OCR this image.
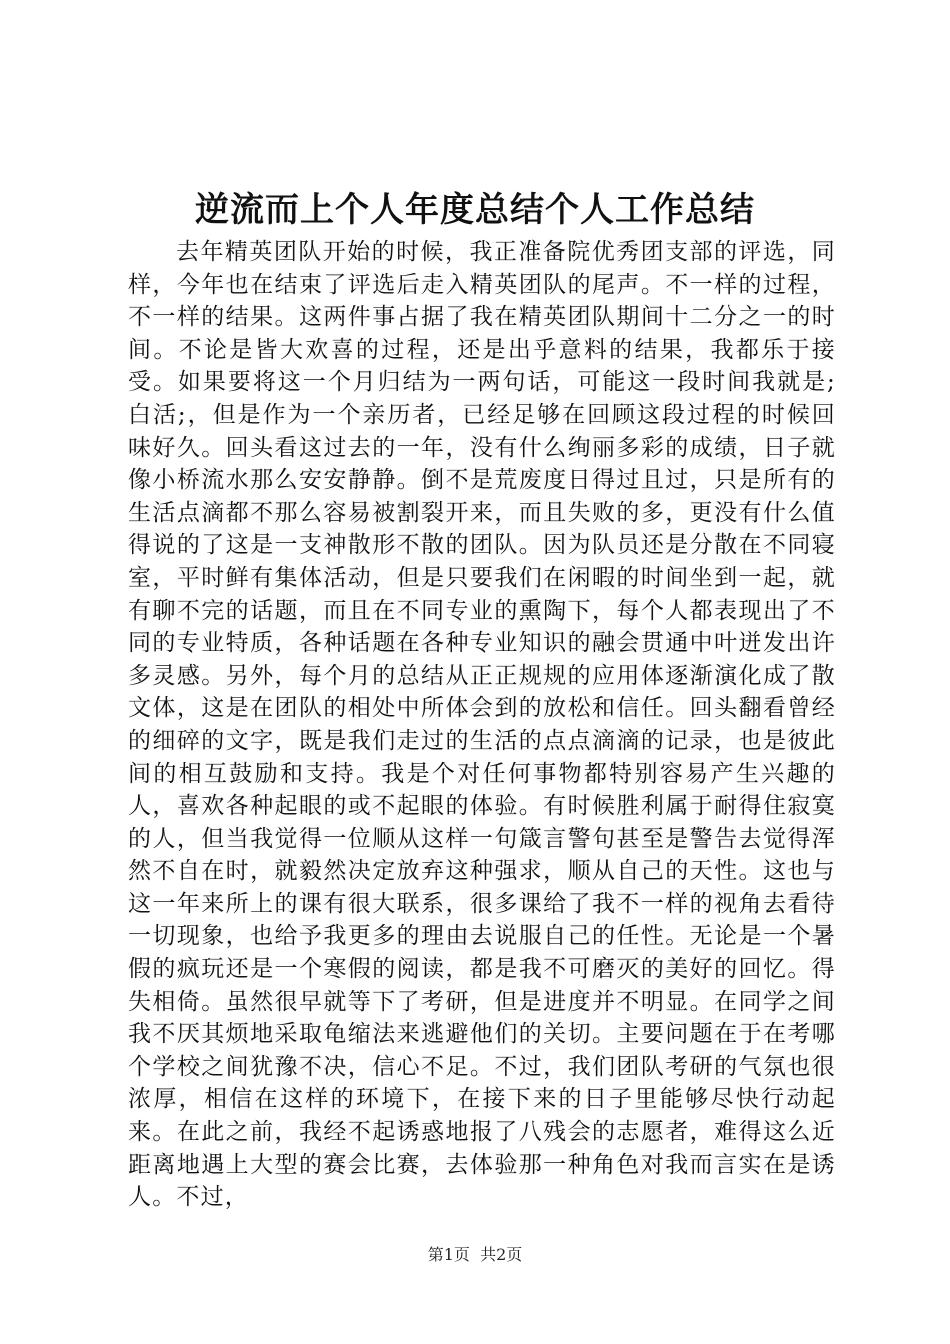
逆流而上个人年度总结个人工作总结

去年精英团队开始的时候，我正准备院优秀团支部的评选，同样，今年也在结束了评选后走入精英团队的尾声。不一样的过程，不一样的结果。这两件事占据了我在精英团队期间十二分之一的时间。不论是皆大欢喜的过程，还是出乎意料的结果，我都乐于接受。如果要将这一个月归结为一两句话，可能这一段时间我就是;白活;，但是作为一个亲历者，已经足够在回顾这段过程的时候回味好久。回头看这过去的一年，没有什么绚丽多彩的成绩，日子就像小桥流水那么安安静静。倒不是荒废度日得过且过，只是所有的生活点滴都不那么容易被割裂开来，而且失败的多，更没有什么值得说的了这是一支神散形不散的团队。因为队员还是分散在不同寝室，平时鲜有集体活动，但是只要我们在闲暇的时间坐到一起，就有聊不完的话题，而且在不同专业的熏陶下，每个人都表现出了不同的专业特质，各种话题在各种专业知识的融会贯通中叶迸发出许多灵感。另外，每个月的总结从正正规规的应用体逐渐演化成了散文体，这是在团队的相处中所体会到的放松和信任。回头翻看曾经的细碎的文字，既是我们走过的生活的点点滴滴的记录，也是彼此间的相互鼓励和支持。我是个对任何事物都特别容易产生兴趣的人，喜欢各种起眼的或不起眼的体验。有时候胜利属于耐得住寂寞的人，但当我觉得一位顺从这样一句箴言警句甚至是警告去觉得浑然不自在时，就毅然决定放弃这种强求，顺从自己的天性。这也与这一年来所上的课有很大联系，很多课给了我不一样的视角去看待一切现象，也给予我更多的理由去说服自己的任性。无论是一个暑假的疯玩还是一个寒假的阅读，都是我不可磨灭的美好的回忆。得失相倚。虽然很早就等下了考研，但是进度并不明显。在同学之间我不厌其烦地采取龟缩法来逃避他们的关切。主要问题在于在考哪个学校之间犹豫不决，信心不足。不过，我们团队考研的气氛也很浓厚，相信在这样的环境下，在接下来的日子里能够尽快行动起来。在此之前，我经不起诱惑地报了八残会的志愿者，难得这么近距离地遇上大型的赛会比赛，去体验那一种角色对我而言实在是诱人。不过，

第1页  共2页
